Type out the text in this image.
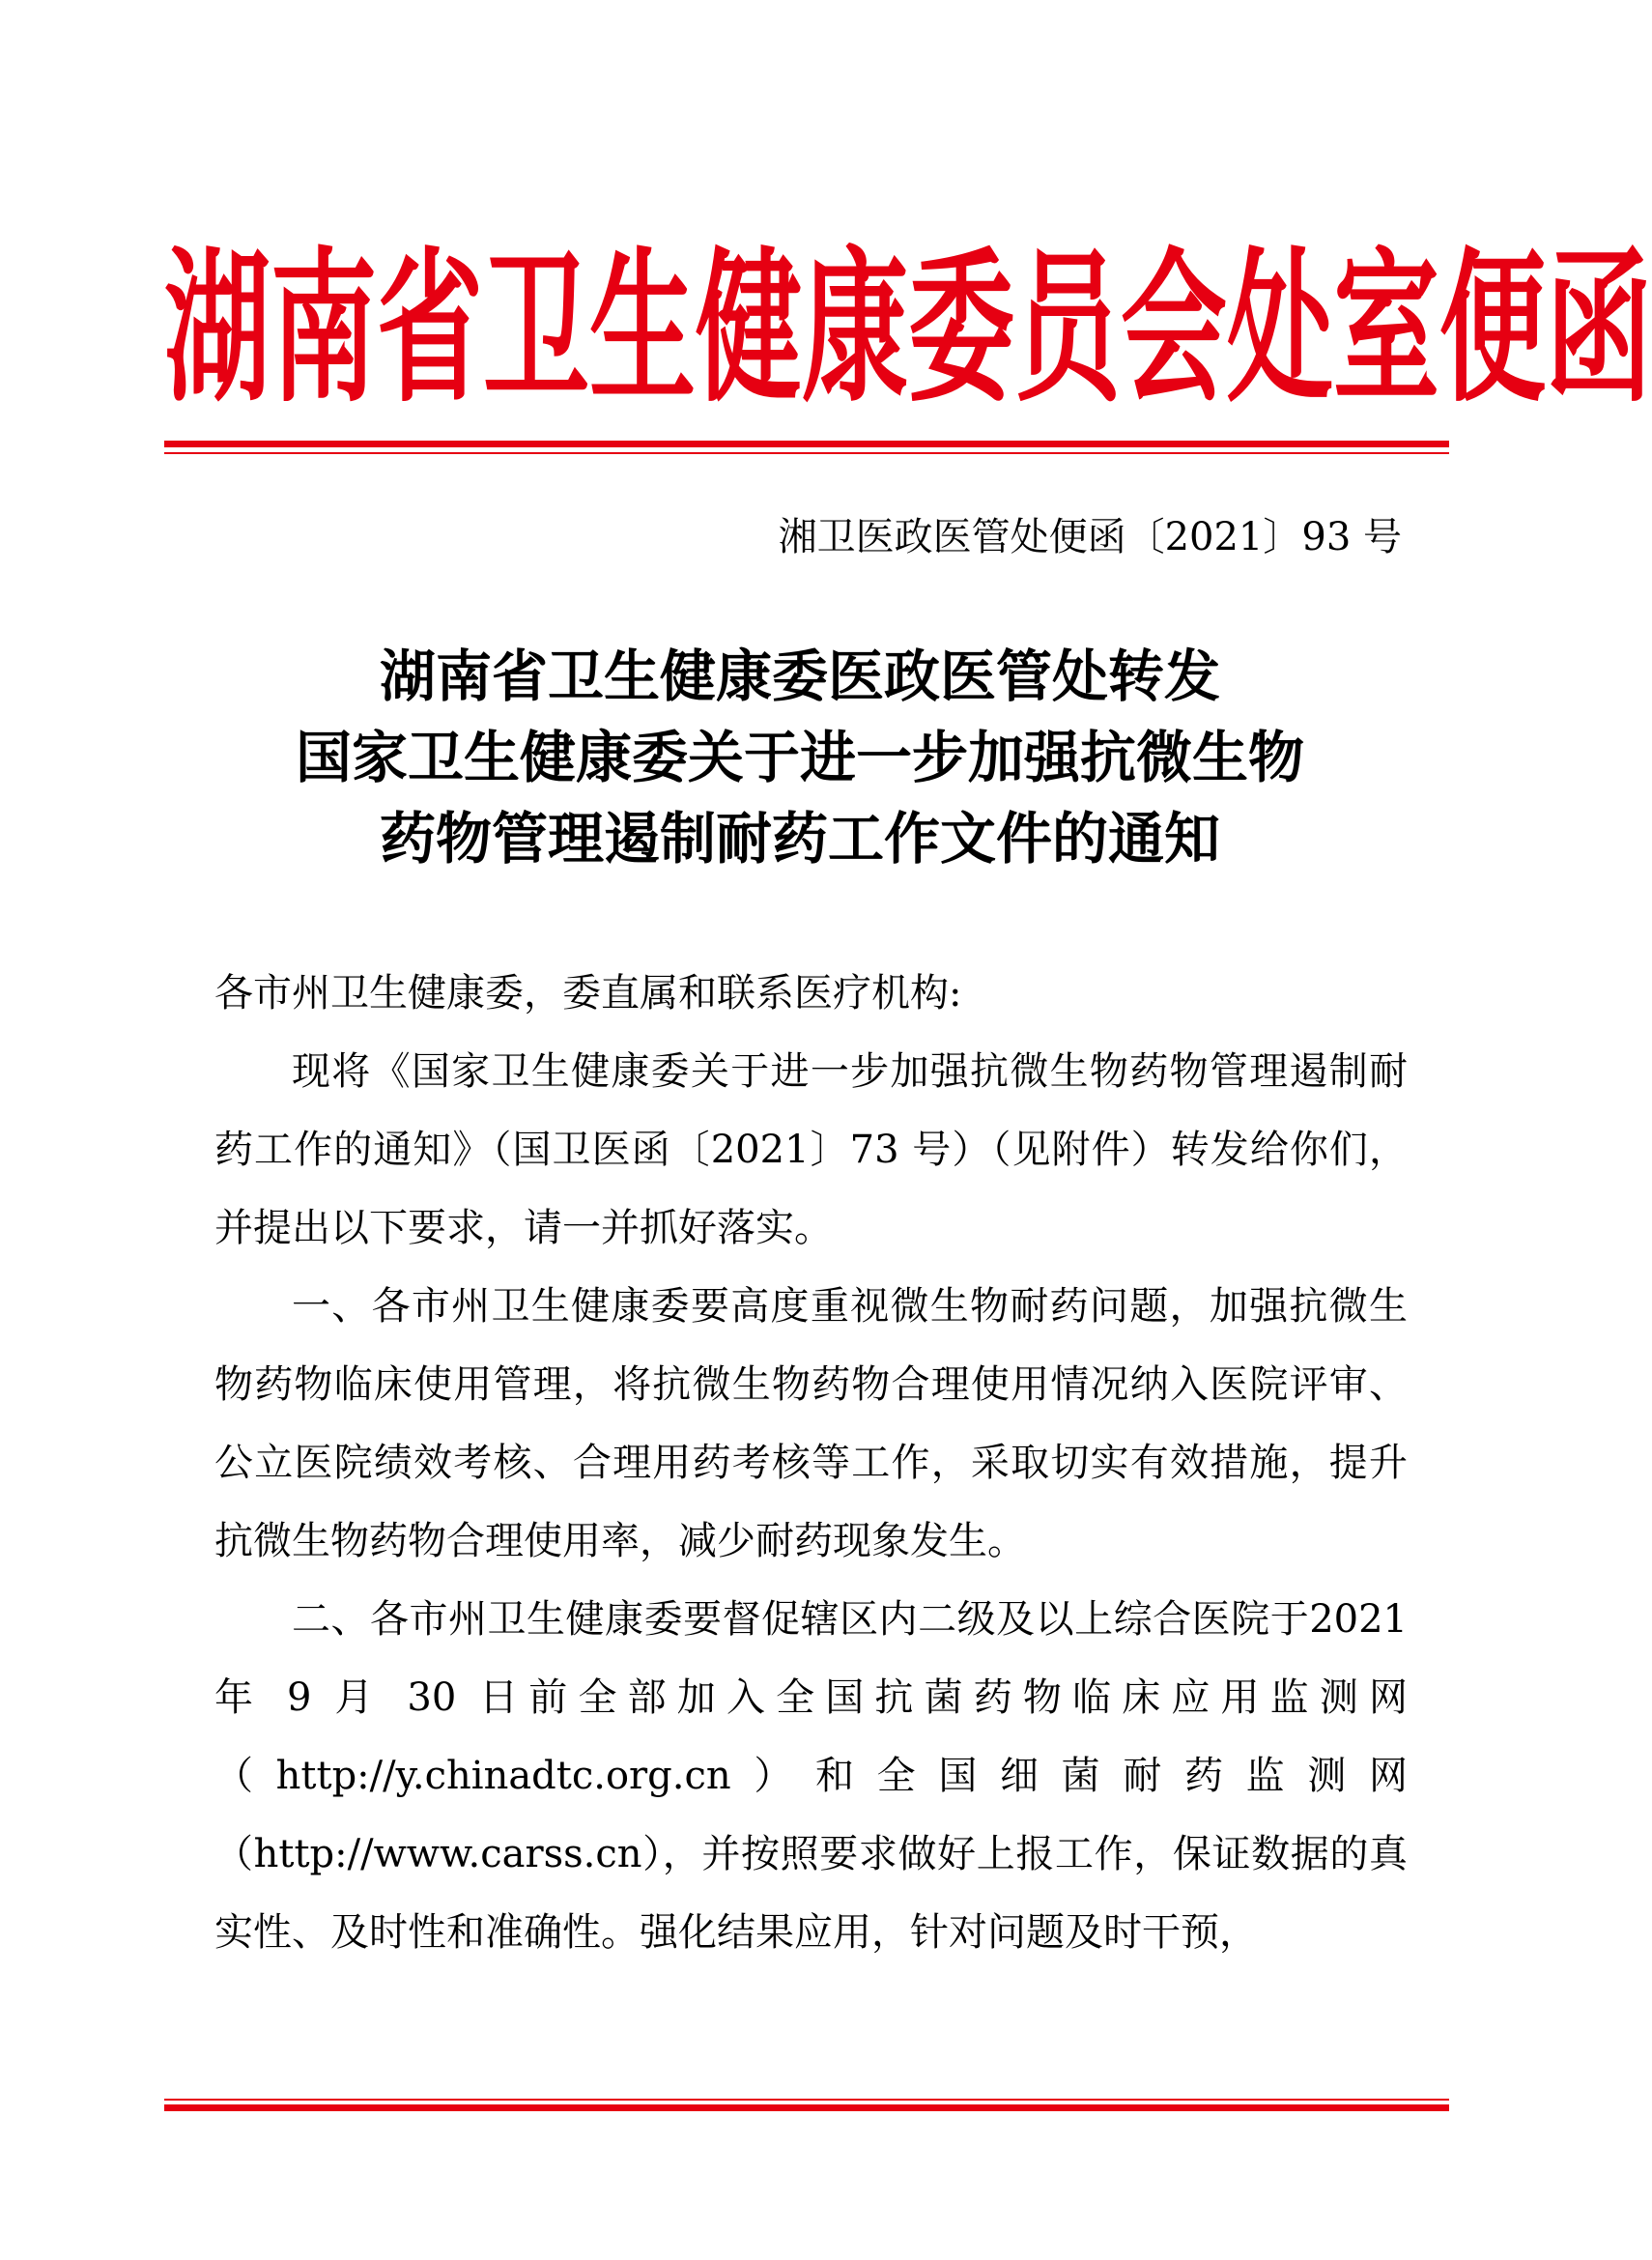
湖 南 省 卫 生 健 康 委 员 会 处 室 便 函
湘卫医政医管处便函〔2021〕93 号
湖南省卫生健康委医政医管处转发
国家卫生健康委关于进一步加强抗微生物
药物管理遏制耐药工作文件的通知

各市州卫生健康委，委直属和联系医疗机构:

现将《国家卫生健康委关于进一步加强抗微生物药物管理遏制耐药工作的通知》（国卫医函〔2021〕73 号）（见附件）转发给你们，并提出以下要求，请一并抓好落实。

一、各市州卫生健康委要高度重视微生物耐药问题，加强抗微生物药物临床使用管理，将抗微生物药物合理使用情况纳入医院评审、公立医院绩效考核、合理用药考核等工作，采取切实有效措施，提升抗微生物药物合理使用率，减少耐药现象发生。

二、各市州卫生健康委要督促辖区内二级及以上综合医院于2021 年 9 月 30 日前全部加入全国抗菌药物临床应用监测网（http://y.chinadtc.org.cn）和全国细菌耐药监测网（http://www.carss.cn），并按照要求做好上报工作，保证数据的真实性、及时性和准确性。强化结果应用，针对问题及时干预，
